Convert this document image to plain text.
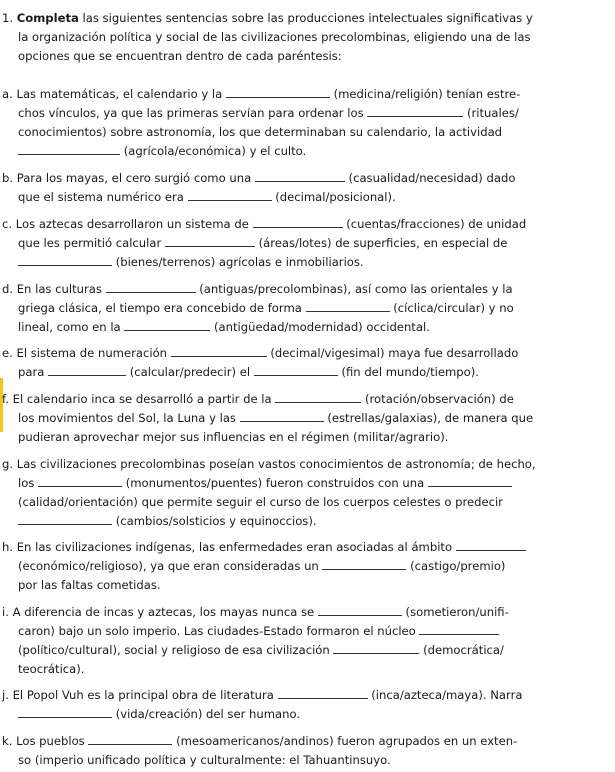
1. Completa las siguientes sentencias sobre las producciones intelectuales significativas y
la organización política y social de las civilizaciones precolombinas, eligiendo una de las
opciones que se encuentran dentro de cada paréntesis:
a. Las matemáticas, el calendario y la	(medicina/religión) tenían estre-
chos vínculos, ya que las primeras servían para ordenar los	(rituales/
conocimientos) sobre astronomía, los que determinaban su calendario, la actividad
(agrícola/económica) y el culto.
b. Para los mayas, el cero surgió como una	(casualidad/necesidad) dado
que el sistema numérico era	(decimal/posicional).
c. Los aztecas desarrollaron un sistema de	(cuentas/fracciones) de unidad
que les permitió calcular	(áreas/lotes) de superficies, en especial de
(bienes/terrenos) agrícolas e inmobiliarios.
d. En las culturas	(antiguas/precolombinas), así como las orientales y la
griega clásica, el tiempo era concebido de forma	(cíclica/circular) y no
lineal, como en la	(antigüedad/modernidad) occidental.
e. El sistema de numeración	(decimal/vigesimal) maya fue desarrollado
para	(calcular/predecir) el	(fin del mundo/tiempo).
f. El calendario inca se desarrolló a partir de la	(rotación/observación) de
los movimientos del Sol, la Luna y las	(estrellas/galaxias), de manera que
pudieran aprovechar mejor sus influencias en el régimen (militar/agrario).
g. Las civilizaciones precolombinas poseían vastos conocimientos de astronomía; de hecho,
los	(monumentos/puentes) fueron construidos con una
(calidad/orientación) que permite seguir el curso de los cuerpos celestes o predecir
(cambios/solsticios y equinoccios).
h. En las civilizaciones indígenas, las enfermedades eran asociadas al ámbito
(económico/religioso), ya que eran consideradas un	(castigo/premio)
por las faltas cometidas.
i. A diferencia de incas y aztecas, los mayas nunca se	(sometieron/unifi-
caron) bajo un solo imperio. Las ciudades-Estado formaron el núcleo
(político/cultural), social y religioso de esa civilización	(democrática/
teocrática).
j. El Popol Vuh es la principal obra de literatura	(inca/azteca/maya). Narra
(vida/creación) del ser humano.
k. Los pueblos	(mesoamericanos/andinos) fueron agrupados en un exten-
so (imperio unificado política y culturalmente: el Tahuantinsuyo.
